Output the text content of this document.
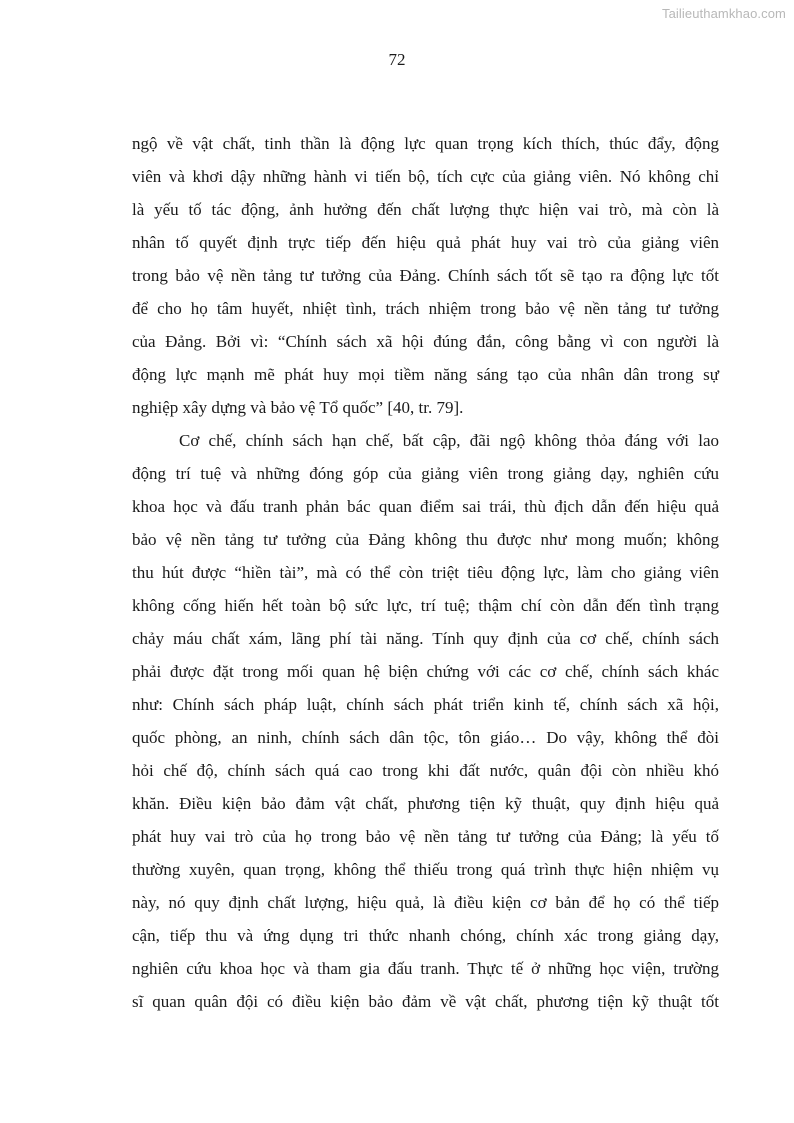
Tailieuthamkhao.com
72

ngộ về vật chất, tinh thần là động lực quan trọng kích thích, thúc đẩy, động
viên và khơi dậy những hành vi tiến bộ, tích cực của giảng viên. Nó không chỉ
là yếu tố tác động, ảnh hưởng đến chất lượng thực hiện vai trò, mà còn là
nhân tố quyết định trực tiếp đến hiệu quả phát huy vai trò của giảng viên
trong bảo vệ nền tảng tư tưởng của Đảng. Chính sách tốt sẽ tạo ra động lực tốt
để cho họ tâm huyết, nhiệt tình, trách nhiệm trong bảo vệ nền tảng tư tưởng
của Đảng. Bởi vì: “Chính sách xã hội đúng đắn, công bằng vì con người là
động lực mạnh mẽ phát huy mọi tiềm năng sáng tạo của nhân dân trong sự
nghiệp xây dựng và bảo vệ Tổ quốc” [40, tr. 79].

Cơ chế, chính sách hạn chế, bất cập, đãi ngộ không thỏa đáng với lao
động trí tuệ và những đóng góp của giảng viên trong giảng dạy, nghiên cứu
khoa học và đấu tranh phản bác quan điểm sai trái, thù địch dẫn đến hiệu quả
bảo vệ nền tảng tư tưởng của Đảng không thu được như mong muốn; không
thu hút được “hiền tài”, mà có thể còn triệt tiêu động lực, làm cho giảng viên
không cống hiến hết toàn bộ sức lực, trí tuệ; thậm chí còn dẫn đến tình trạng
chảy máu chất xám, lãng phí tài năng. Tính quy định của cơ chế, chính sách
phải được đặt trong mối quan hệ biện chứng với các cơ chế, chính sách khác
như: Chính sách pháp luật, chính sách phát triển kinh tế, chính sách xã hội,
quốc phòng, an ninh, chính sách dân tộc, tôn giáo… Do vậy, không thể đòi
hỏi chế độ, chính sách quá cao trong khi đất nước, quân đội còn nhiều khó
khăn. Điều kiện bảo đảm vật chất, phương tiện kỹ thuật, quy định hiệu quả
phát huy vai trò của họ trong bảo vệ nền tảng tư tưởng của Đảng; là yếu tố
thường xuyên, quan trọng, không thể thiếu trong quá trình thực hiện nhiệm vụ
này, nó quy định chất lượng, hiệu quả, là điều kiện cơ bản để họ có thể tiếp
cận, tiếp thu và ứng dụng tri thức nhanh chóng, chính xác trong giảng dạy,
nghiên cứu khoa học và tham gia đấu tranh. Thực tế ở những học viện, trường
sĩ quan quân đội có điều kiện bảo đảm về vật chất, phương tiện kỹ thuật tốt
